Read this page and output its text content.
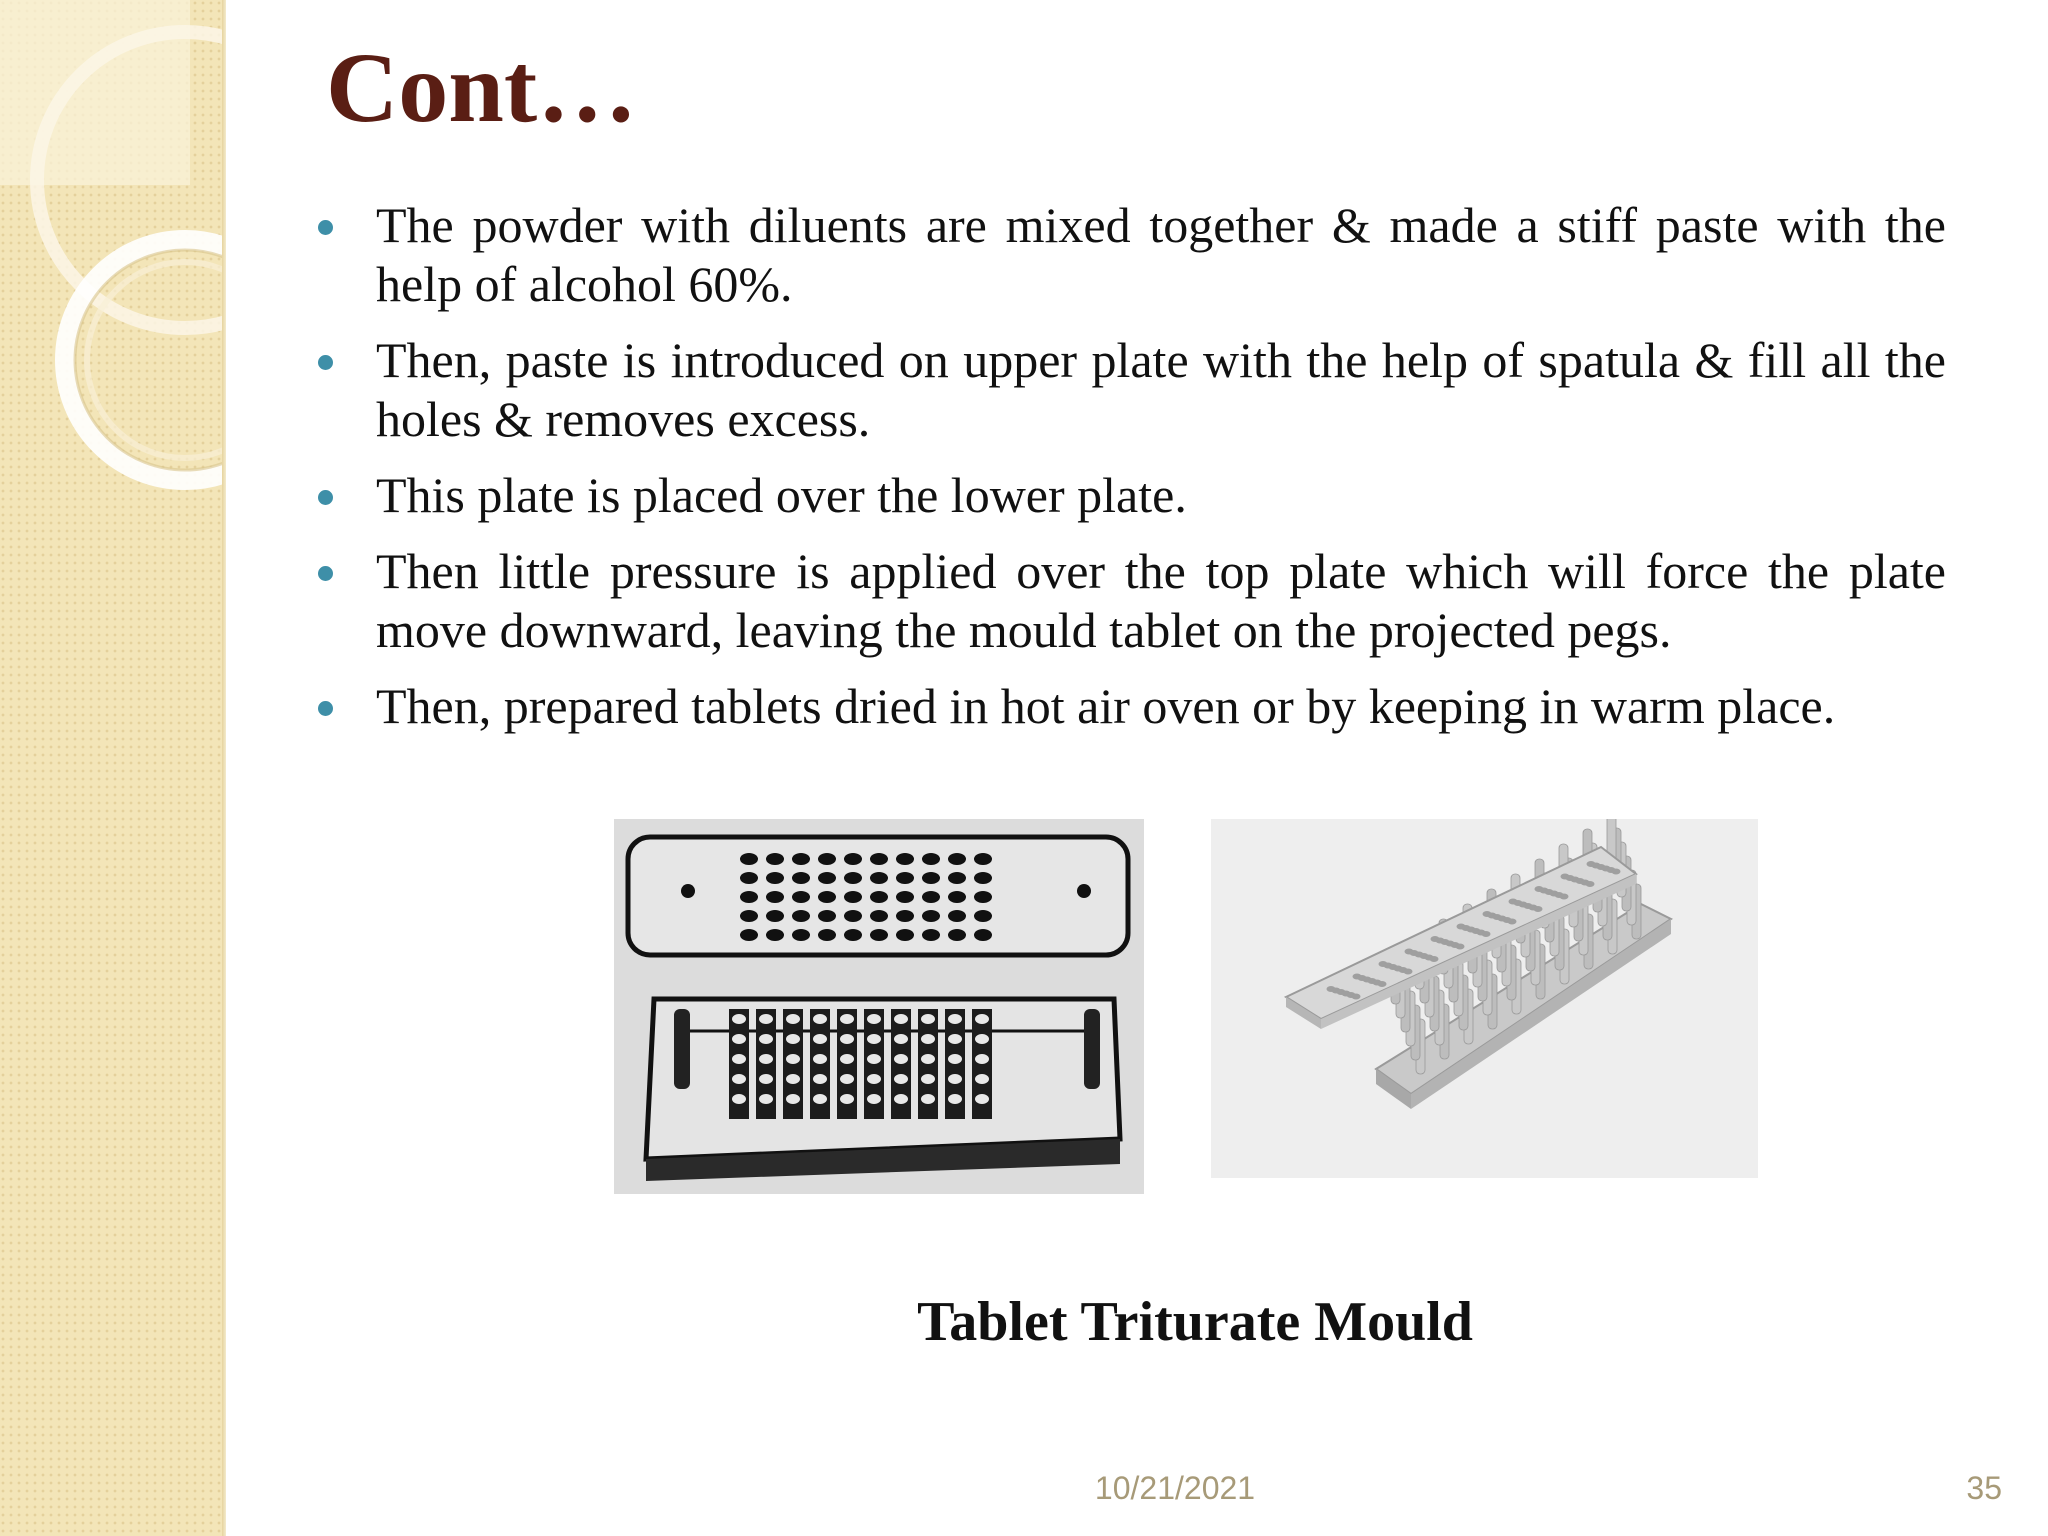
Cont…
The powder with diluents are mixed together & made a stiff paste with the help of alcohol 60%.
Then, paste is introduced on upper plate with the help of spatula & fill all the holes & removes excess.
This plate is placed over the lower plate.
Then little pressure is applied over the top plate which will force the plate move downward, leaving the mould tablet on the projected pegs.
Then, prepared tablets dried in hot air oven or by keeping in warm place.
Tablet Triturate Mould
10/21/2021	35
